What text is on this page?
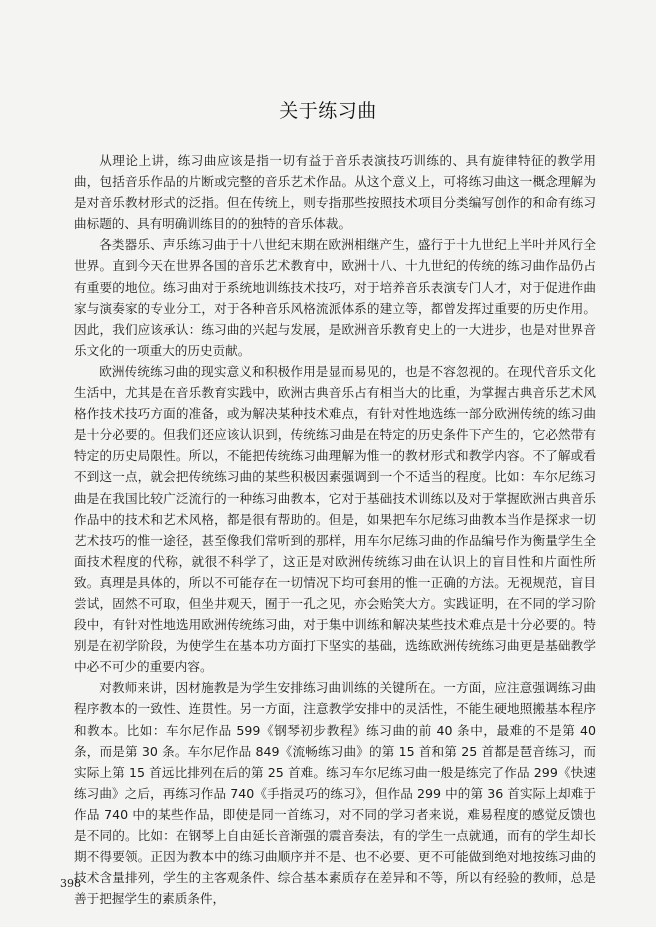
关于练习曲

从理论上讲，练习曲应该是指一切有益于音乐表演技巧训练的、具有旋律特征的教学用曲，包括音乐作品的片断或完整的音乐艺术作品。从这个意义上，可将练习曲这一概念理解为是对音乐教材形式的泛指。但在传统上，则专指那些按照技术项目分类编写创作的和命有练习曲标题的、具有明确训练目的的独特的音乐体裁。

各类器乐、声乐练习曲于十八世纪末期在欧洲相继产生，盛行于十九世纪上半叶并风行全世界。直到今天在世界各国的音乐艺术教育中，欧洲十八、十九世纪的传统的练习曲作品仍占有重要的地位。练习曲对于系统地训练技术技巧，对于培养音乐表演专门人才，对于促进作曲家与演奏家的专业分工，对于各种音乐风格流派体系的建立等，都曾发挥过重要的历史作用。因此，我们应该承认：练习曲的兴起与发展，是欧洲音乐教育史上的一大进步，也是对世界音乐文化的一项重大的历史贡献。

欧洲传统练习曲的现实意义和积极作用是显而易见的，也是不容忽视的。在现代音乐文化生活中，尤其是在音乐教育实践中，欧洲古典音乐占有相当大的比重，为掌握古典音乐艺术风格作技术技巧方面的准备，或为解决某种技术难点，有针对性地选练一部分欧洲传统的练习曲是十分必要的。但我们还应该认识到，传统练习曲是在特定的历史条件下产生的，它必然带有特定的历史局限性。所以，不能把传统练习曲理解为惟一的教材形式和教学内容。不了解或看不到这一点，就会把传统练习曲的某些积极因素强调到一个不适当的程度。比如：车尔尼练习曲是在我国比较广泛流行的一种练习曲教本，它对于基础技术训练以及对于掌握欧洲古典音乐作品中的技术和艺术风格，都是很有帮助的。但是，如果把车尔尼练习曲教本当作是探求一切艺术技巧的惟一途径，甚至像我们常听到的那样，用车尔尼练习曲的作品编号作为衡量学生全面技术程度的代称，就很不科学了，这正是对欧洲传统练习曲在认识上的盲目性和片面性所致。真理是具体的，所以不可能存在一切情况下均可套用的惟一正确的方法。无视规范，盲目尝试，固然不可取，但坐井观天，囿于一孔之见，亦会贻笑大方。实践证明，在不同的学习阶段中，有针对性地选用欧洲传统练习曲，对于集中训练和解决某些技术难点是十分必要的。特别是在初学阶段，为使学生在基本功方面打下坚实的基础，选练欧洲传统练习曲更是基础教学中必不可少的重要内容。

对教师来讲，因材施教是为学生安排练习曲训练的关键所在。一方面，应注意强调练习曲程序教本的一致性、连贯性。另一方面，注意教学安排中的灵活性，不能生硬地照搬基本程序和教本。比如：车尔尼作品 599《钢琴初步教程》练习曲的前 40 条中，最难的不是第 40 条，而是第 30 条。车尔尼作品 849《流畅练习曲》的第 15 首和第 25 首都是琶音练习，而实际上第 15 首远比排列在后的第 25 首难。练习车尔尼练习曲一般是练完了作品 299《快速练习曲》之后，再练习作品 740《手指灵巧的练习》，但作品 299 中的第 36 首实际上却难于作品 740 中的某些作品，即使是同一首练习，对不同的学习者来说，难易程度的感觉反馈也是不同的。比如：在钢琴上自由延长音渐强的震音奏法，有的学生一点就通，而有的学生却长期不得要领。正因为教本中的练习曲顺序并不是、也不必要、更不可能做到绝对地按练习曲的技术含量排列，学生的主客观条件、综合基本素质存在差异和不等，所以有经验的教师，总是善于把握学生的素质条件，

398
